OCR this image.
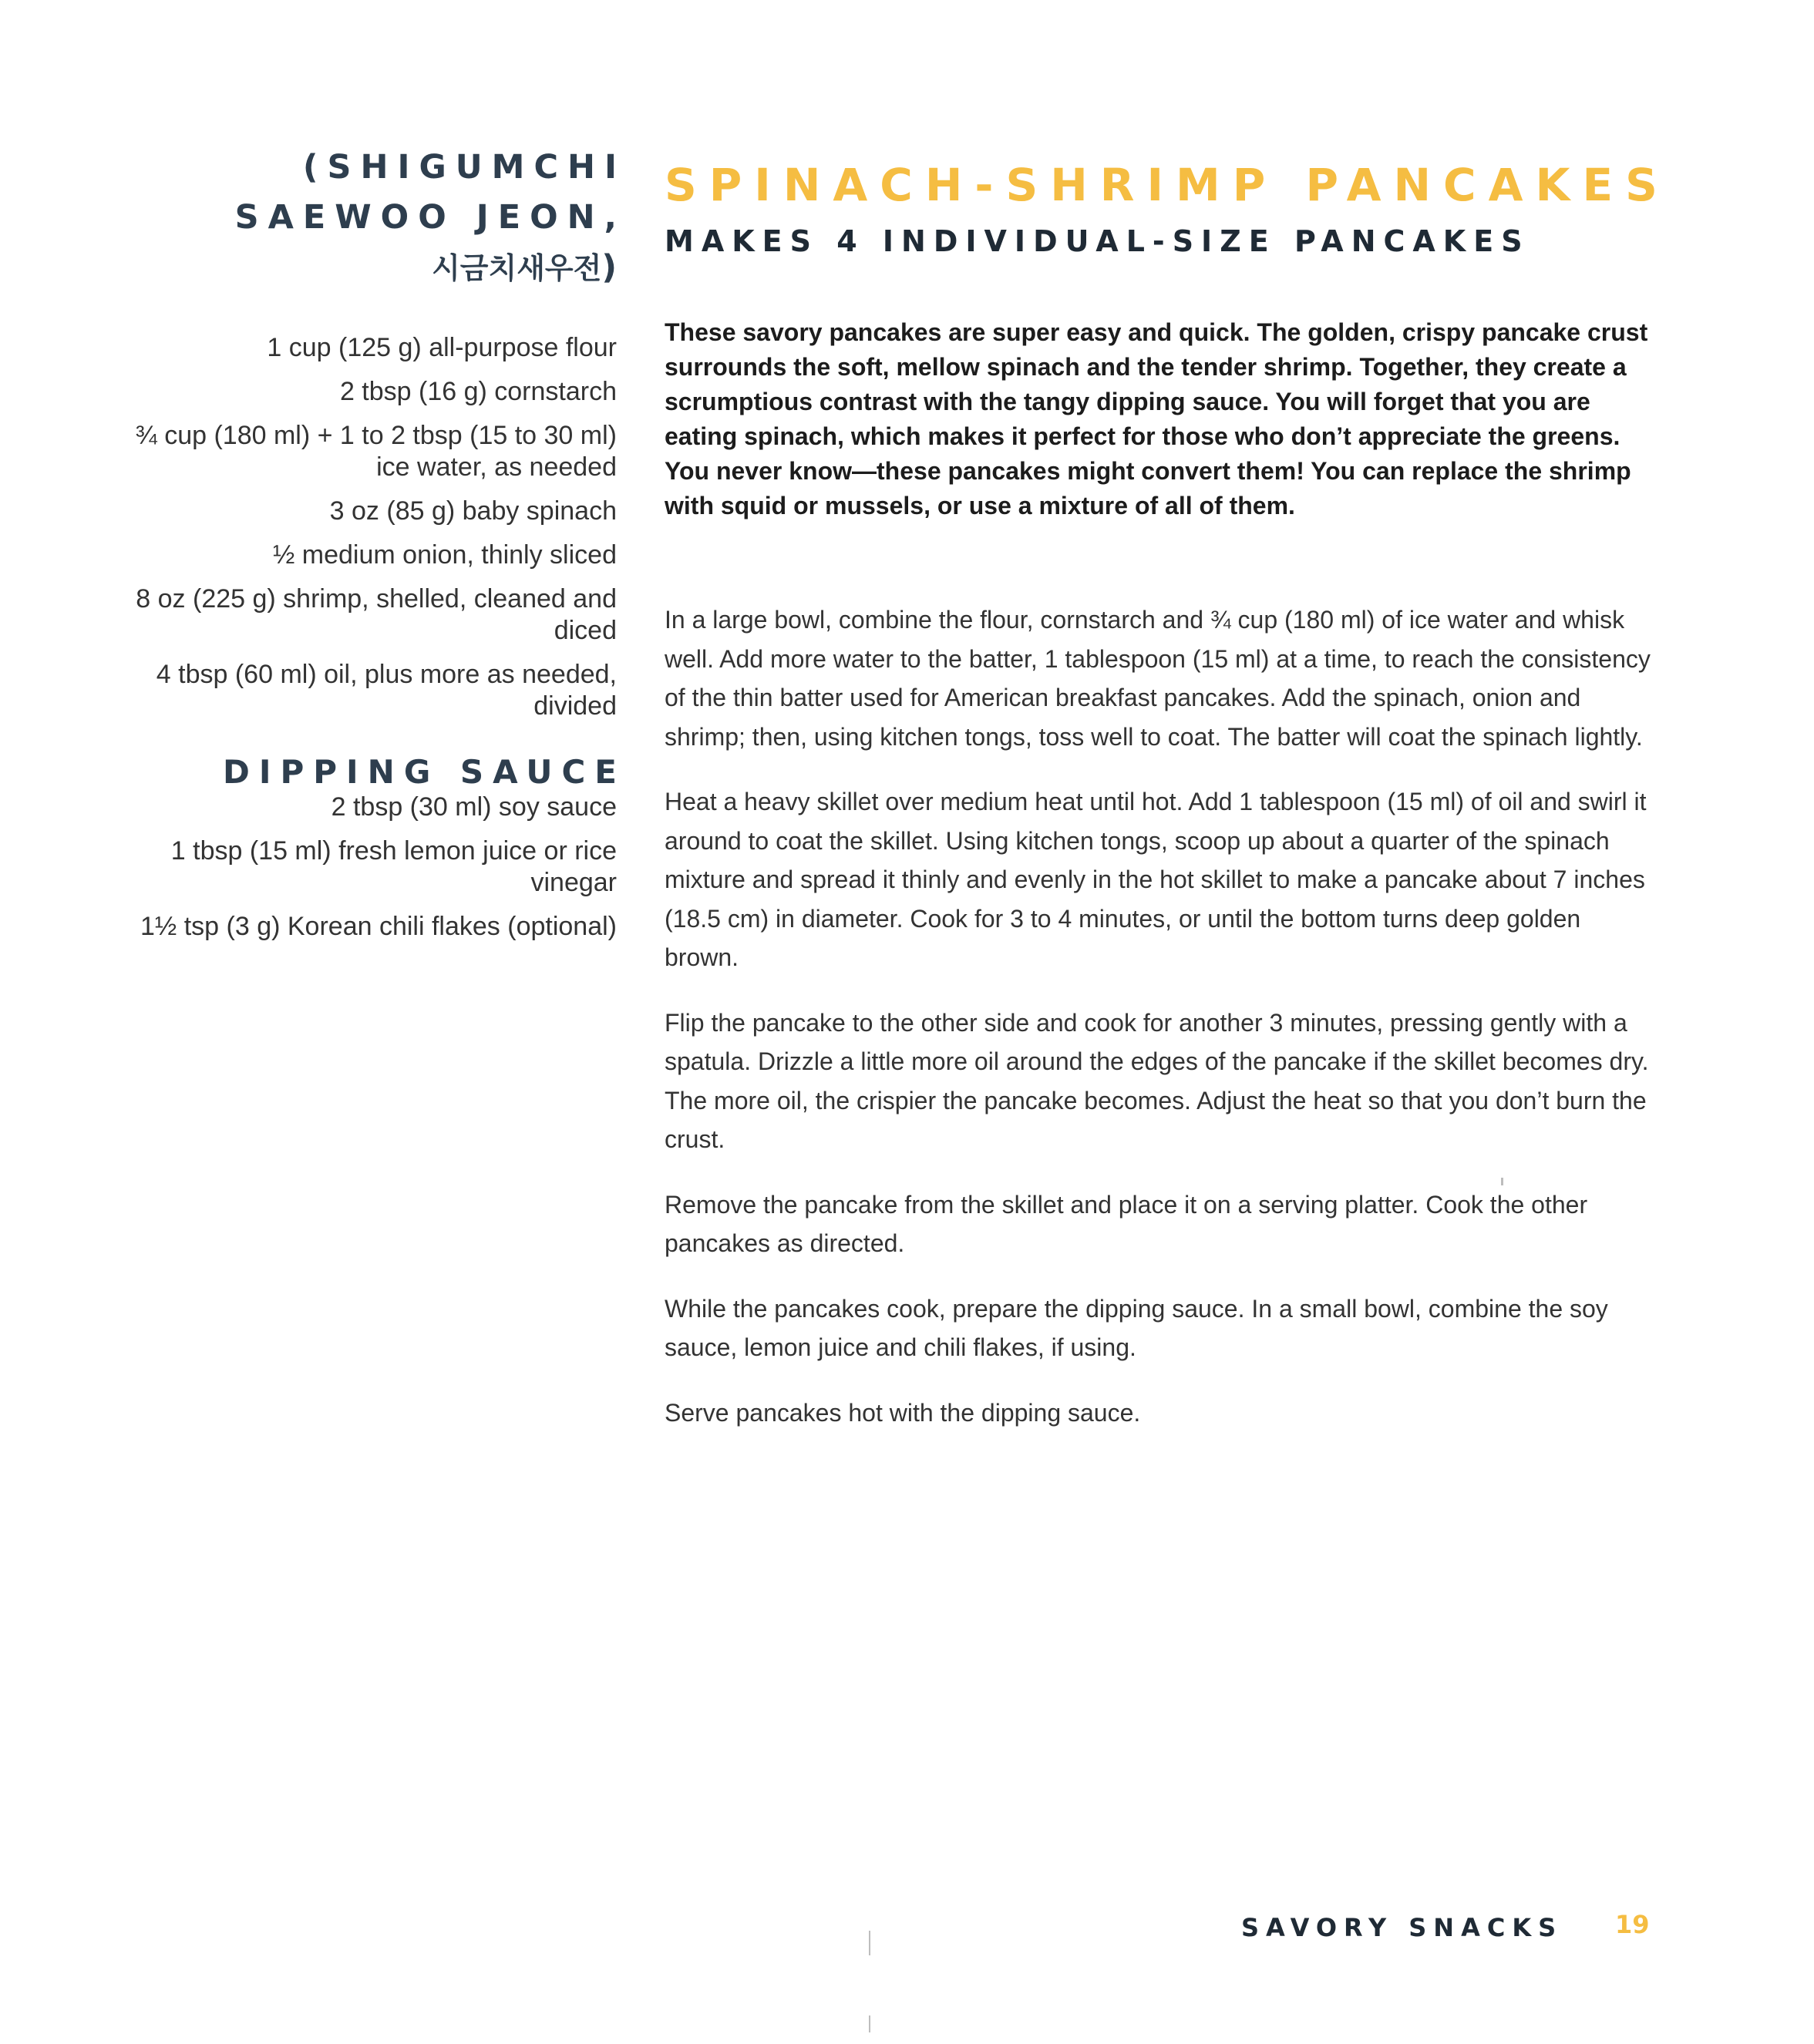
(SHIGUMCHI
SAEWOO JEON,
시금치새우전)
1 cup (125 g) all-purpose flour
2 tbsp (16 g) cornstarch
¾ cup (180 ml) + 1 to 2 tbsp (15 to 30 ml) ice water, as needed
3 oz (85 g) baby spinach
½ medium onion, thinly sliced
8 oz (225 g) shrimp, shelled, cleaned and diced
4 tbsp (60 ml) oil, plus more as needed, divided
DIPPING SAUCE
2 tbsp (30 ml) soy sauce
1 tbsp (15 ml) fresh lemon juice or rice vinegar
1½ tsp (3 g) Korean chili flakes (optional)
SPINACH-SHRIMP PANCAKES
MAKES 4 INDIVIDUAL-SIZE PANCAKES

These savory pancakes are super easy and quick. The golden, crispy pancake crust surrounds the soft, mellow spinach and the tender shrimp. Together, they create a scrumptious contrast with the tangy dipping sauce. You will forget that you are eating spinach, which makes it perfect for those who don’t appreciate the greens. You never know—these pancakes might convert them! You can replace the shrimp with squid or mussels, or use a mixture of all of them.

In a large bowl, combine the flour, cornstarch and ¾ cup (180 ml) of ice water and whisk well. Add more water to the batter, 1 tablespoon (15 ml) at a time, to reach the consistency of the thin batter used for American breakfast pancakes. Add the spinach, onion and shrimp; then, using kitchen tongs, toss well to coat. The batter will coat the spinach lightly.

Heat a heavy skillet over medium heat until hot. Add 1 tablespoon (15 ml) of oil and swirl it around to coat the skillet. Using kitchen tongs, scoop up about a quarter of the spinach mixture and spread it thinly and evenly in the hot skillet to make a pancake about 7 inches (18.5 cm) in diameter. Cook for 3 to 4 minutes, or until the bottom turns deep golden brown.

Flip the pancake to the other side and cook for another 3 minutes, pressing gently with a spatula. Drizzle a little more oil around the edges of the pancake if the skillet becomes dry. The more oil, the crispier the pancake becomes. Adjust the heat so that you don’t burn the crust.

Remove the pancake from the skillet and place it on a serving platter. Cook the other pancakes as directed.

While the pancakes cook, prepare the dipping sauce. In a small bowl, combine the soy sauce, lemon juice and chili flakes, if using.

Serve pancakes hot with the dipping sauce.

SAVORY SNACKS 19
